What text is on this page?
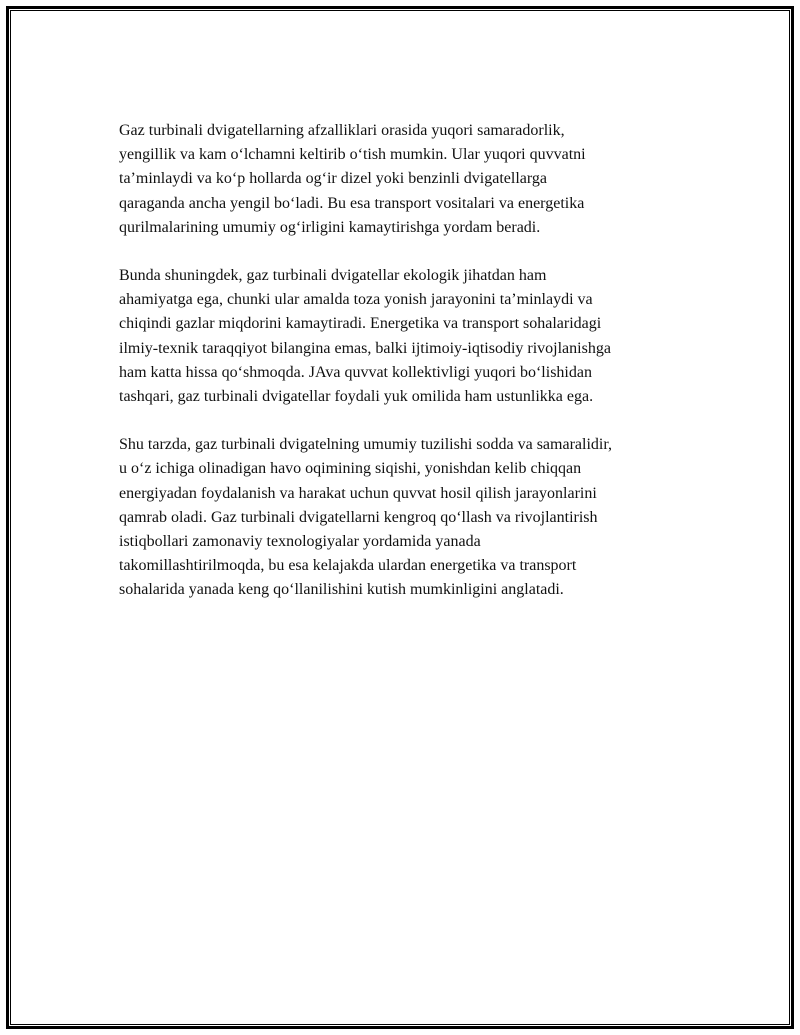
Gaz turbinali dvigatellarning afzalliklari orasida yuqori samaradorlik,
yengillik va kam o‘lchamni keltirib o‘tish mumkin. Ular yuqori quvvatni
ta’minlaydi va ko‘p hollarda og‘ir dizel yoki benzinli dvigatellarga
qaraganda ancha yengil bo‘ladi. Bu esa transport vositalari va energetika
qurilmalarining umumiy og‘irligini kamaytirishga yordam beradi.

Bunda shuningdek, gaz turbinali dvigatellar ekologik jihatdan ham
ahamiyatga ega, chunki ular amalda toza yonish jarayonini ta’minlaydi va
chiqindi gazlar miqdorini kamaytiradi. Energetika va transport sohalaridagi
ilmiy-texnik taraqqiyot bilangina emas, balki ijtimoiy-iqtisodiy rivojlanishga
ham katta hissa qo‘shmoqda. JAva quvvat kollektivligi yuqori bo‘lishidan
tashqari, gaz turbinali dvigatellar foydali yuk omilida ham ustunlikka ega.

Shu tarzda, gaz turbinali dvigatelning umumiy tuzilishi sodda va samaralidir,
u o‘z ichiga olinadigan havo oqimining siqishi, yonishdan kelib chiqqan
energiyadan foydalanish va harakat uchun quvvat hosil qilish jarayonlarini
qamrab oladi. Gaz turbinali dvigatellarni kengroq qo‘llash va rivojlantirish
istiqbollari zamonaviy texnologiyalar yordamida yanada
takomillashtirilmoqda, bu esa kelajakda ulardan energetika va transport
sohalarida yanada keng qo‘llanilishini kutish mumkinligini anglatadi.
